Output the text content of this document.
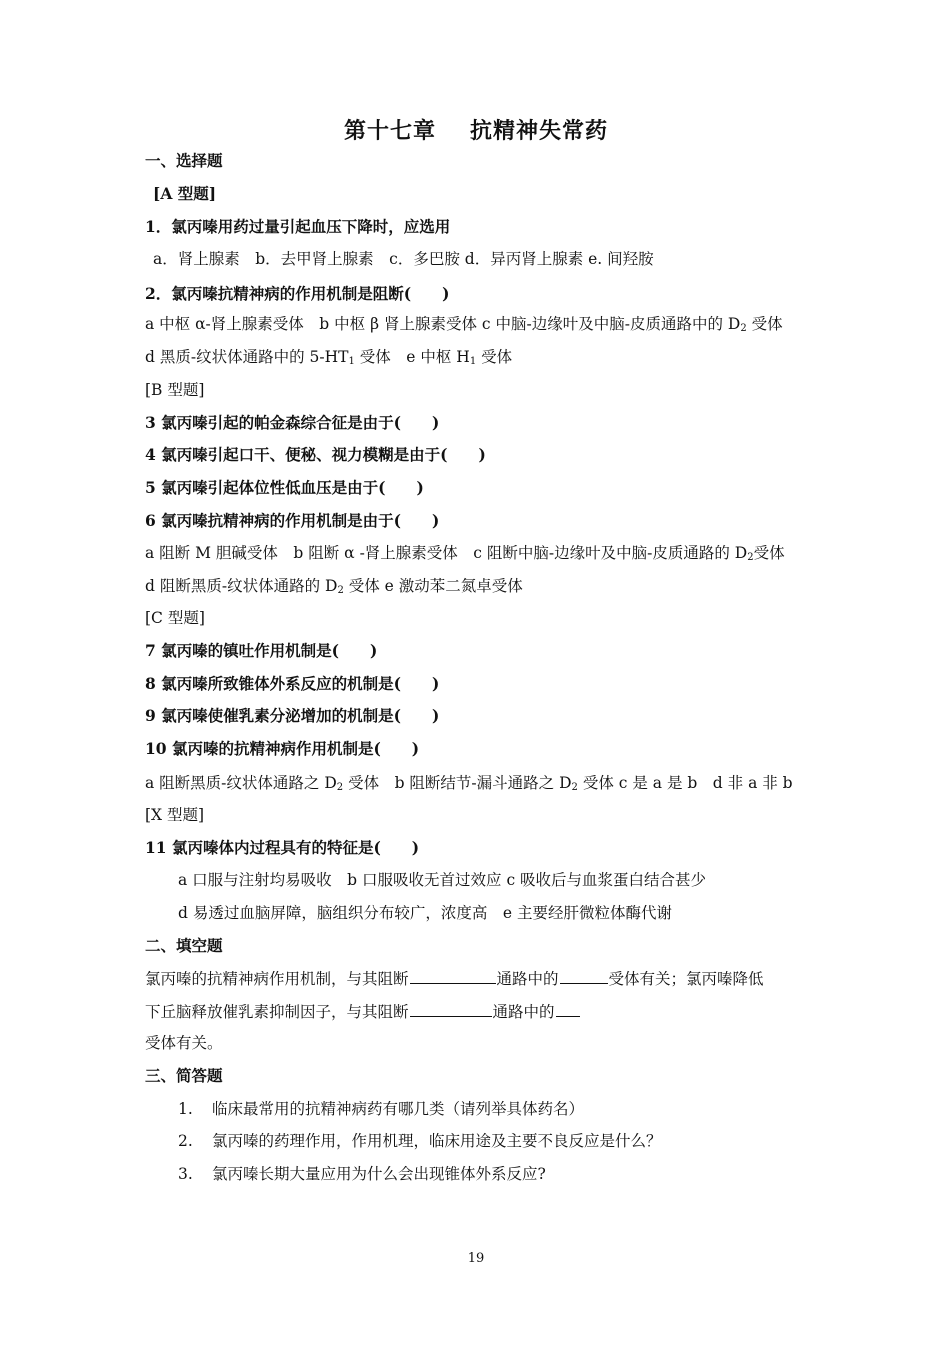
第十七章 抗精神失常药
一、选择题
[A 型题]
1．氯丙嗪用药过量引起血压下降时，应选用
a．肾上腺素　b．去甲肾上腺素　c．多巴胺 d．异丙肾上腺素 e. 间羟胺
2．氯丙嗪抗精神病的作用机制是阻断(　　)
a 中枢 α-肾上腺素受体　b 中枢 β 肾上腺素受体 c 中脑-边缘叶及中脑-皮质通路中的 $D_2$ 受体
d 黑质-纹状体通路中的 $5-HT_1$ 受体　e 中枢 $H_1$ 受体
[B 型题]
3 氯丙嗪引起的帕金森综合征是由于(　　)
4 氯丙嗪引起口干、便秘、视力模糊是由于(　　)
5 氯丙嗪引起体位性低血压是由于(　　)
6 氯丙嗪抗精神病的作用机制是由于(　　)
a 阻断 M 胆碱受体　b 阻断 α -肾上腺素受体　c 阻断中脑-边缘叶及中脑-皮质通路的 $D_2$受体
d 阻断黑质-纹状体通路的 $D_2$ 受体 e 激动苯二氮卓受体
[C 型题]
7 氯丙嗪的镇吐作用机制是(　　)
8 氯丙嗪所致锥体外系反应的机制是(　　)
9 氯丙嗪使催乳素分泌增加的机制是(　　)
10 氯丙嗪的抗精神病作用机制是(　　)
a 阻断黑质-纹状体通路之 $D_2$ 受体　b 阻断结节-漏斗通路之 $D_2$ 受体 c 是 a 是 b　d 非 a 非 b
[X 型题]
11 氯丙嗪体内过程具有的特征是(　　)
a 口服与注射均易吸收　b 口服吸收无首过效应 c 吸收后与血浆蛋白结合甚少
d 易透过血脑屏障，脑组织分布较广，浓度高　e 主要经肝微粒体酶代谢
二、填空题
氯丙嗪的抗精神病作用机制，与其阻断	通路中的	受体有关；氯丙嗪降低
下丘脑释放催乳素抑制因子，与其阻断	通路中的
受体有关。
三、简答题
1. 临床最常用的抗精神病药有哪几类（请列举具体药名）
2. 氯丙嗪的药理作用，作用机理，临床用途及主要不良反应是什么？
3. 氯丙嗪长期大量应用为什么会出现锥体外系反应?
19
